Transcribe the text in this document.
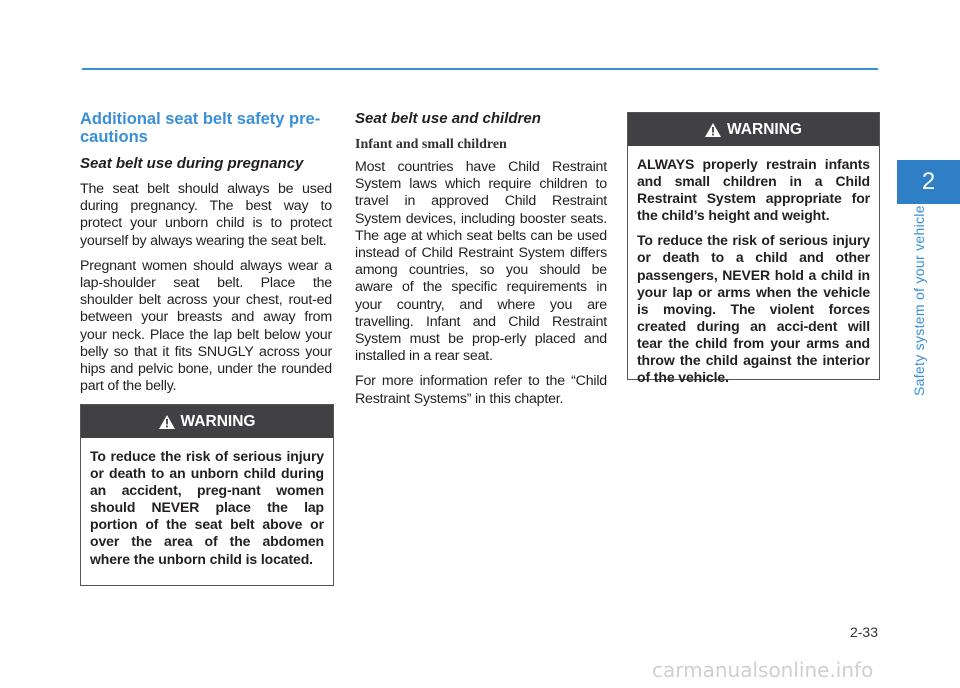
Additional seat belt safety pre-cautions
Seat belt use during pregnancy

The seat belt should always be used during pregnancy. The best way to protect your unborn child is to protect yourself by always wearing the seat belt.

Pregnant women should always wear a lap-shoulder seat belt. Place the shoulder belt across your chest, rout-ed between your breasts and away from your neck. Place the lap belt below your belly so that it fits SNUGLY across your hips and pelvic bone, under the rounded part of the belly.

WARNING

To reduce the risk of serious injury or death to an unborn child during an accident, preg-nant women should NEVER place the lap portion of the seat belt above or over the area of the abdomen where the unborn child is located.

Seat belt use and children
Infant and small children

Most countries have Child Restraint System laws which require children to travel in approved Child Restraint System devices, including booster seats. The age at which seat belts can be used instead of Child Restraint System differs among countries, so you should be aware of the specific requirements in your country, and where you are travelling. Infant and Child Restraint System must be prop-erly placed and installed in a rear seat.

For more information refer to the “Child Restraint Systems” in this chapter.

WARNING

ALWAYS properly restrain infants and small children in a Child Restraint System appropriate for the child’s height and weight.

To reduce the risk of serious injury or death to a child and other passengers, NEVER hold a child in your lap or arms when the vehicle is moving. The violent forces created during an acci-dent will tear the child from your arms and throw the child against the interior of the vehicle.

2
Safety system of your vehicle
2-33
carmanualsonline.info
